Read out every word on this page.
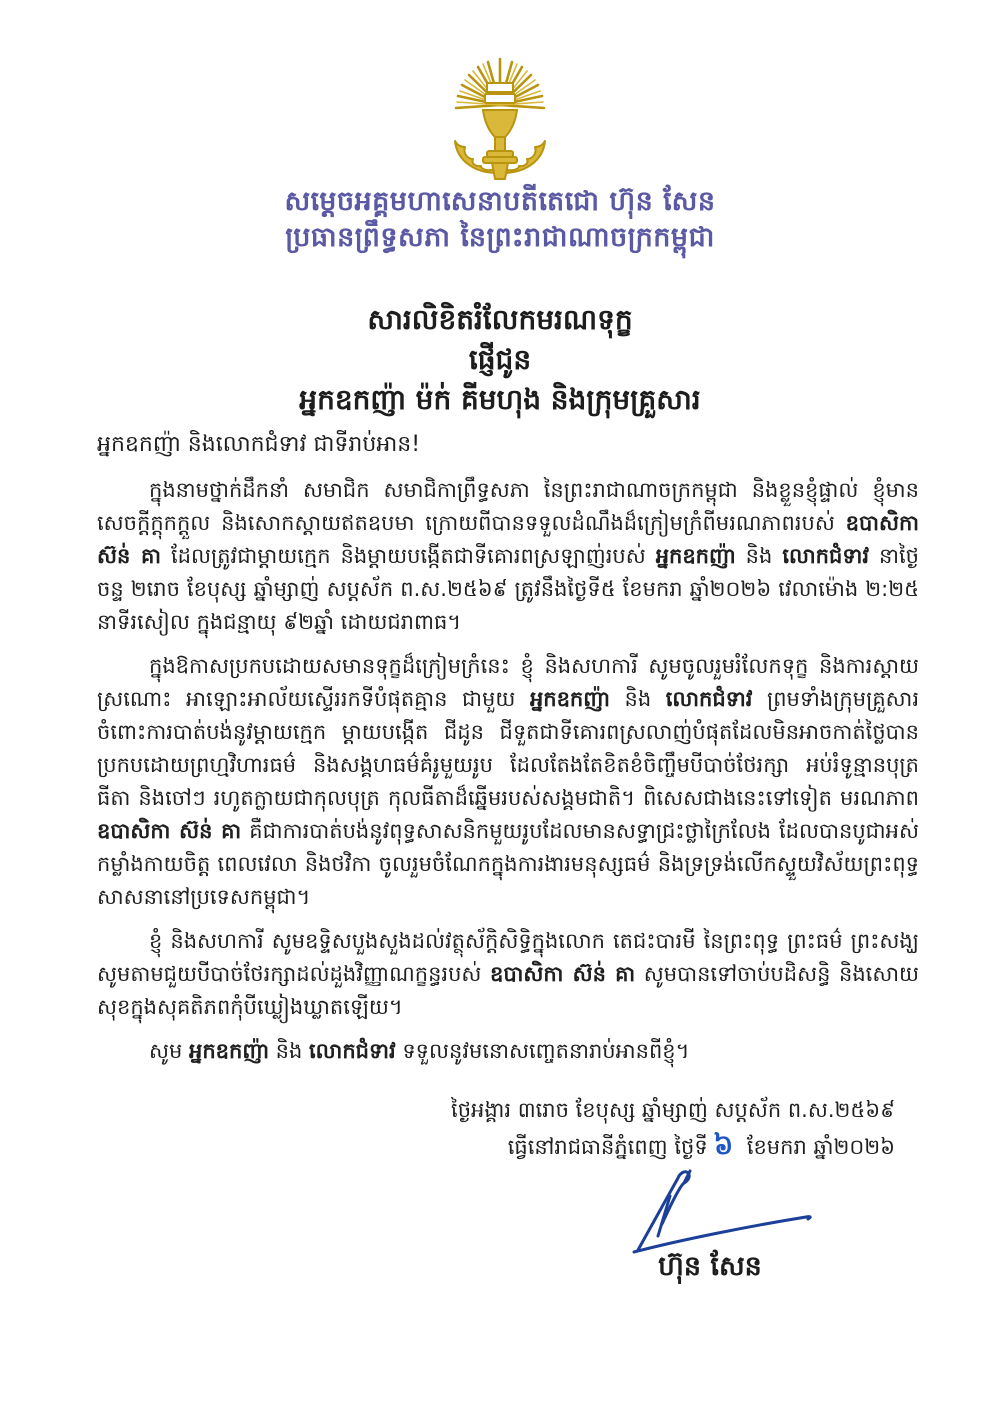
សម្តេចអគ្គមហាសេនាបតីតេជោ ហ៊ុន សែន
ប្រធានព្រឹទ្ធសភា នៃព្រះរាជាណាចក្រកម្ពុជា
សារលិខិតរំលែកមរណទុក្ខ
ផ្ញើជូន
អ្នកឧកញ៉ា ម៉ក់ គីមហុង និងក្រុមគ្រួសារ
អ្នកឧកញ៉ា និងលោកជំទាវ ជាទីរាប់អាន!

ក្នុងនាមថ្នាក់ដឹកនាំ សមាជិក សមាជិកាព្រឹទ្ធសភា នៃព្រះរាជាណាចក្រកម្ពុជា និងខ្លួនខ្ញុំផ្ទាល់ ខ្ញុំមានសេចក្តីក្តុកក្តួល និងសោកស្តាយឥតឧបមា ក្រោយពីបានទទួលដំណឹងដ៏ក្រៀមក្រំពីមរណភាពរបស់ ឧបាសិកា ស៊ន់ គា ដែលត្រូវជាម្តាយក្មេក និងម្តាយបង្កើតជាទីគោរពស្រឡាញ់របស់ អ្នកឧកញ៉ា និង លោកជំទាវ នាថ្ងៃចន្ទ ២រោច ខែបុស្ស ឆ្នាំម្សាញ់ សប្តស័ក ព.ស.២៥៦៩ ត្រូវនឹងថ្ងៃទី៥ ខែមករា ឆ្នាំ២០២៦ វេលាម៉ោង ២:២៥ នាទីរសៀល ក្នុងជន្មាយុ ៩២ឆ្នាំ ដោយជរាពាធ។

ក្នុងឱកាសប្រកបដោយសមានទុក្ខដ៏ក្រៀមក្រំនេះ ខ្ញុំ និងសហការី សូមចូលរួមរំលែកទុក្ខ និងការស្តាយស្រណោះ អាឡោះអាល័យស្ទើររកទីបំផុតគ្មាន ជាមួយ អ្នកឧកញ៉ា និង លោកជំទាវ ព្រមទាំងក្រុមគ្រួសារ ចំពោះការបាត់បង់នូវម្តាយក្មេក ម្តាយបង្កើត ជីដូន ជីទួតជាទីគោរពស្រលាញ់បំផុតដែលមិនអាចកាត់ថ្លៃបានប្រកបដោយព្រហ្មវិហារធម៌ និងសង្គហធម៌គំរូមួយរូប ដែលតែងតែខិតខំចិញ្ចឹមបីបាច់ថែរក្សា អប់រំទូន្មានបុត្រធីតា និងចៅៗ រហូតក្លាយជាកុលបុត្រ កុលធីតាដ៏ឆ្នើមរបស់សង្គមជាតិ។ ពិសេសជាងនេះទៅទៀត មរណភាព ឧបាសិកា ស៊ន់ គា គឺជាការបាត់បង់នូវពុទ្ធសាសនិកមួយរូបដែលមានសទ្ធាជ្រះថ្លាក្រៃលែង ដែលបានបូជាអស់កម្លាំងកាយចិត្ត ពេលវេលា និងថវិកា ចូលរួមចំណែកក្នុងការងារមនុស្សធម៌ និងទ្រទ្រង់លើកស្ទួយវិស័យព្រះពុទ្ធសាសនានៅប្រទេសកម្ពុជា។

ខ្ញុំ និងសហការី សូមឧទ្ទិសបួងសួងដល់វត្ថុស័ក្តិសិទ្ធិក្នុងលោក តេជះបារមី នៃព្រះពុទ្ធ ព្រះធម៌ ព្រះសង្ឃ សូមតាមជួយបីបាច់ថែរក្សាដល់ដួងវិញ្ញាណក្ខន្ធរបស់ ឧបាសិកា ស៊ន់ គា សូមបានទៅចាប់បដិសន្ធិ និងសោយសុខក្នុងសុគតិភពកុំបីឃ្លៀងឃ្លាតឡើយ។

សូម អ្នកឧកញ៉ា និង លោកជំទាវ ទទួលនូវមនោសញ្ចេតនារាប់អានពីខ្ញុំ។

ថ្ងៃអង្គារ ៣រោច ខែបុស្ស ឆ្នាំម្សាញ់ សប្តស័ក ព.ស.២៥៦៩
ធ្វើនៅរាជធានីភ្នំពេញ ថ្ងៃទី ៦ ខែមករា ឆ្នាំ២០២៦
ហ៊ុន សែន
